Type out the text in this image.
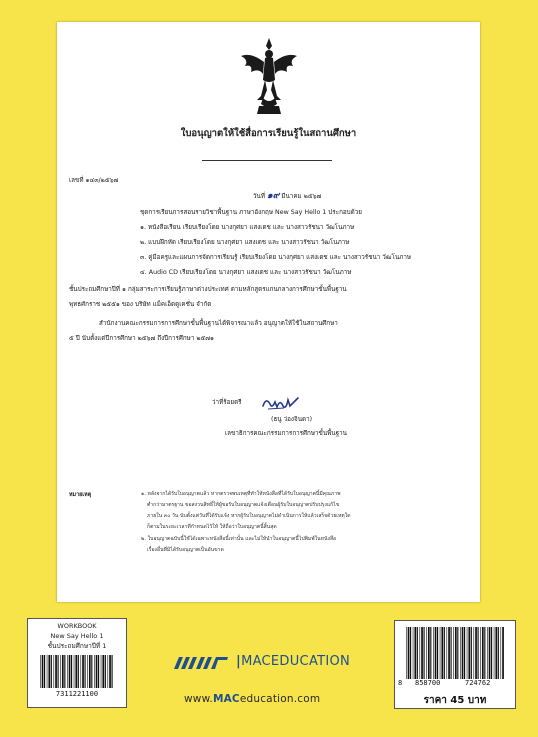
ใบอนุญาตให้ใช้สื่อการเรียนรู้ในสถานศึกษา
เลขที่ ๑๔๓/๒๕๖๗
วันที่ ๑๙ มีนาคม ๒๕๖๗
ชุดการเรียนการสอนรายวิชาพื้นฐาน ภาษาอังกฤษ New Say Hello 1 ประกอบด้วย
๑. หนังสือเรียน เรียบเรียงโดย นางกุศยา แสงเดช และ นางสาวรัชนา วัฒโนภาษ
๒. แบบฝึกหัด เรียบเรียงโดย นางกุศยา แสงเดช และ นางสาวรัชนา วัฒโนภาษ
๓. คู่มือครูและแผนการจัดการเรียนรู้ เรียบเรียงโดย นางกุศยา แสงเดช และ นางสาวรัชนา วัฒโนภาษ
๔. Audio CD เรียบเรียงโดย นางกุศยา แสงเดช และ นางสาวรัชนา วัฒโนภาษ
ชั้นประถมศึกษาปีที่ ๑ กลุ่มสาระการเรียนรู้ภาษาต่างประเทศ ตามหลักสูตรแกนกลางการศึกษาขั้นพื้นฐาน
พุทธศักราช ๒๕๕๑ ของ บริษัท แม็คเอ็ดดูเคชั่น จำกัด
สำนักงานคณะกรรมการการศึกษาขั้นพื้นฐานได้พิจารณาแล้ว อนุญาตให้ใช้ในสถานศึกษา
๕ ปี นับตั้งแต่ปีการศึกษา ๒๕๖๗ ถึงปีการศึกษา ๒๕๗๑
ว่าที่ร้อยตรี
(ธนู ว่องจินดา)
เลขาธิการคณะกรรมการการศึกษาขั้นพื้นฐาน
หมายเหตุ	๑. หลังจากได้รับใบอนุญาตแล้ว หากตรวจพบเหตุที่ทำให้หนังสือที่ได้รับใบอนุญาตนี้มีคุณภาพ
ต่ำกว่ามาตรฐาน ขอสงวนสิทธิ์ให้ผู้ขอรับใบอนุญาตแจ้งเตือนผู้รับใบอนุญาตปรับปรุงแก้ไข
ภายใน ๓๐ วัน นับตั้งแต่วันที่ได้รับแจ้ง หากผู้รับใบอนุญาตไม่ดำเนินการให้แล้วเสร็จด้วยเหตุใด
ก็ตามในระยะเวลาที่กำหนดไว้ให้ ให้ถือว่าใบอนุญาตนี้สิ้นสุด
๒. ใบอนุญาตฉบับนี้ใช้ได้เฉพาะหนังสือนี้เท่านั้น และไม่ให้นำใบอนุญาตนี้ไปพิมพ์ในหนังสือ
เรื่องอื่นที่มิได้รับอนุญาตเป็นอันขาด
WORKBOOK
New Say Hello 1
ชั้นประถมศึกษาปีที่ 1
7311221100
|MACEDUCATION
www.MACeducation.com
8 858700	724762
ราคา 45 บาท
